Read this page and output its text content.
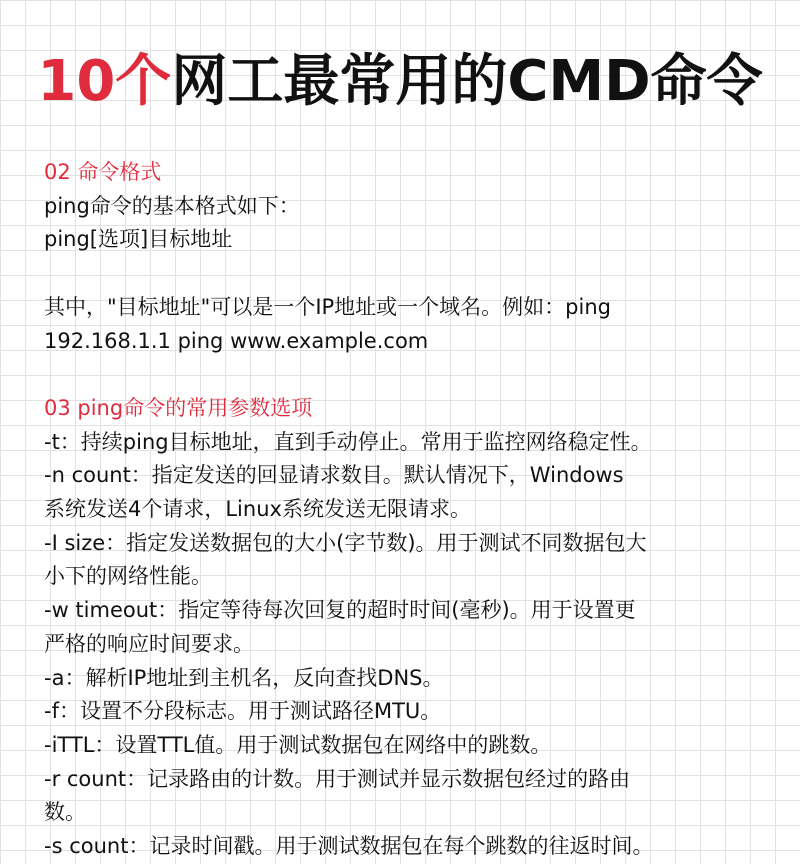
10个网工最常用的CMD命令

02 命令格式

ping命令的基本格式如下：

ping[选项]目标地址

其中，"目标地址"可以是一个IP地址或一个域名。例如：ping

192.168.1.1 ping www.example.com

03 ping命令的常用参数选项

-t：持续ping目标地址，直到手动停止。常用于监控网络稳定性。

-n count：指定发送的回显请求数目。默认情况下，Windows

系统发送4个请求，Linux系统发送无限请求。

-I size：指定发送数据包的大小(字节数)。用于测试不同数据包大

小下的网络性能。

-w timeout：指定等待每次回复的超时时间(毫秒)。用于设置更

严格的响应时间要求。

-a：解析IP地址到主机名，反向查找DNS。

-f：设置不分段标志。用于测试路径MTU。

-iTTL：设置TTL值。用于测试数据包在网络中的跳数。

-r count：记录路由的计数。用于测试并显示数据包经过的路由

数。

-s count：记录时间戳。用于测试数据包在每个跳数的往返时间。
